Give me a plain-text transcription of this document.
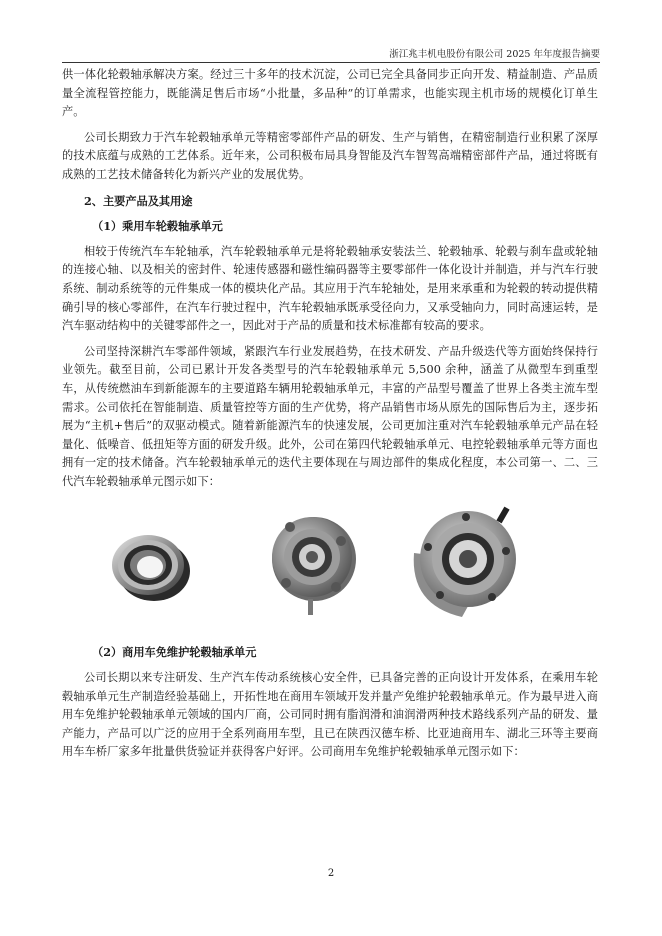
浙江兆丰机电股份有限公司 2025 年年度报告摘要

供一体化轮毂轴承解决方案。经过三十多年的技术沉淀，公司已完全具备同步正向开发、精益制造、产品质量全流程管控能力，既能满足售后市场“小批量，多品种”的订单需求，也能实现主机市场的规模化订单生产。

公司长期致力于汽车轮毂轴承单元等精密零部件产品的研发、生产与销售，在精密制造行业积累了深厚的技术底蕴与成熟的工艺体系。近年来，公司积极布局具身智能及汽车智驾高端精密部件产品，通过将既有成熟的工艺技术储备转化为新兴产业的发展优势。

2、主要产品及其用途
（1）乘用车轮毂轴承单元

相较于传统汽车车轮轴承，汽车轮毂轴承单元是将轮毂轴承安装法兰、轮毂轴承、轮毂与刹车盘或轮轴的连接心轴、以及相关的密封件、轮速传感器和磁性编码器等主要零部件一体化设计并制造，并与汽车行驶系统、制动系统等的元件集成一体的模块化产品。其应用于汽车轮轴处，是用来承重和为轮毂的转动提供精确引导的核心零部件，在汽车行驶过程中，汽车轮毂轴承既承受径向力，又承受轴向力，同时高速运转，是汽车驱动结构中的关键零部件之一，因此对于产品的质量和技术标准都有较高的要求。

公司坚持深耕汽车零部件领域，紧跟汽车行业发展趋势，在技术研发、产品升级迭代等方面始终保持行业领先。截至目前，公司已累计开发各类型号的汽车轮毂轴承单元 5,500 余种，涵盖了从微型车到重型车，从传统燃油车到新能源车的主要道路车辆用轮毂轴承单元，丰富的产品型号覆盖了世界上各类主流车型需求。公司依托在智能制造、质量管控等方面的生产优势，将产品销售市场从原先的国际售后为主，逐步拓展为“主机+售后”的双驱动模式。随着新能源汽车的快速发展，公司更加注重对汽车轮毂轴承单元产品在轻量化、低噪音、低扭矩等方面的研发升级。此外，公司在第四代轮毂轴承单元、电控轮毂轴承单元等方面也拥有一定的技术储备。汽车轮毂轴承单元的迭代主要体现在与周边部件的集成化程度，本公司第一、二、三代汽车轮毂轴承单元图示如下：

（2）商用车免维护轮毂轴承单元

公司长期以来专注研发、生产汽车传动系统核心安全件，已具备完善的正向设计开发体系，在乘用车轮毂轴承单元生产制造经验基础上，开拓性地在商用车领域开发并量产免维护轮毂轴承单元。作为最早进入商用车免维护轮毂轴承单元领域的国内厂商，公司同时拥有脂润滑和油润滑两种技术路线系列产品的研发、量产能力，产品可以广泛的应用于全系列商用车型，且已在陕西汉德车桥、比亚迪商用车、湖北三环等主要商用车车桥厂家多年批量供货验证并获得客户好评。公司商用车免维护轮毂轴承单元图示如下：

2
